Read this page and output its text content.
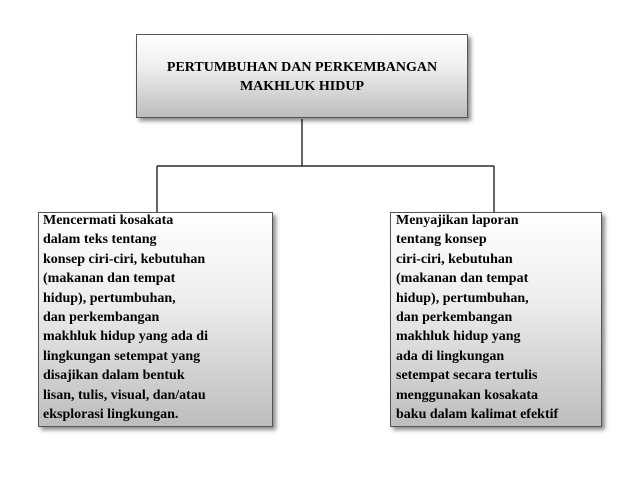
PERTUMBUHAN DAN PERKEMBANGAN
MAKHLUK HIDUP
Mencermati kosakata
dalam teks tentang
konsep ciri-ciri, kebutuhan
(makanan dan tempat
hidup), pertumbuhan,
dan perkembangan
makhluk hidup yang ada di
lingkungan setempat yang
disajikan dalam bentuk
lisan, tulis, visual, dan/atau
eksplorasi lingkungan.
Menyajikan laporan
tentang konsep
ciri-ciri, kebutuhan
(makanan dan tempat
hidup), pertumbuhan,
dan perkembangan
makhluk hidup yang
ada di lingkungan
setempat secara tertulis
menggunakan kosakata
baku dalam kalimat efektif
